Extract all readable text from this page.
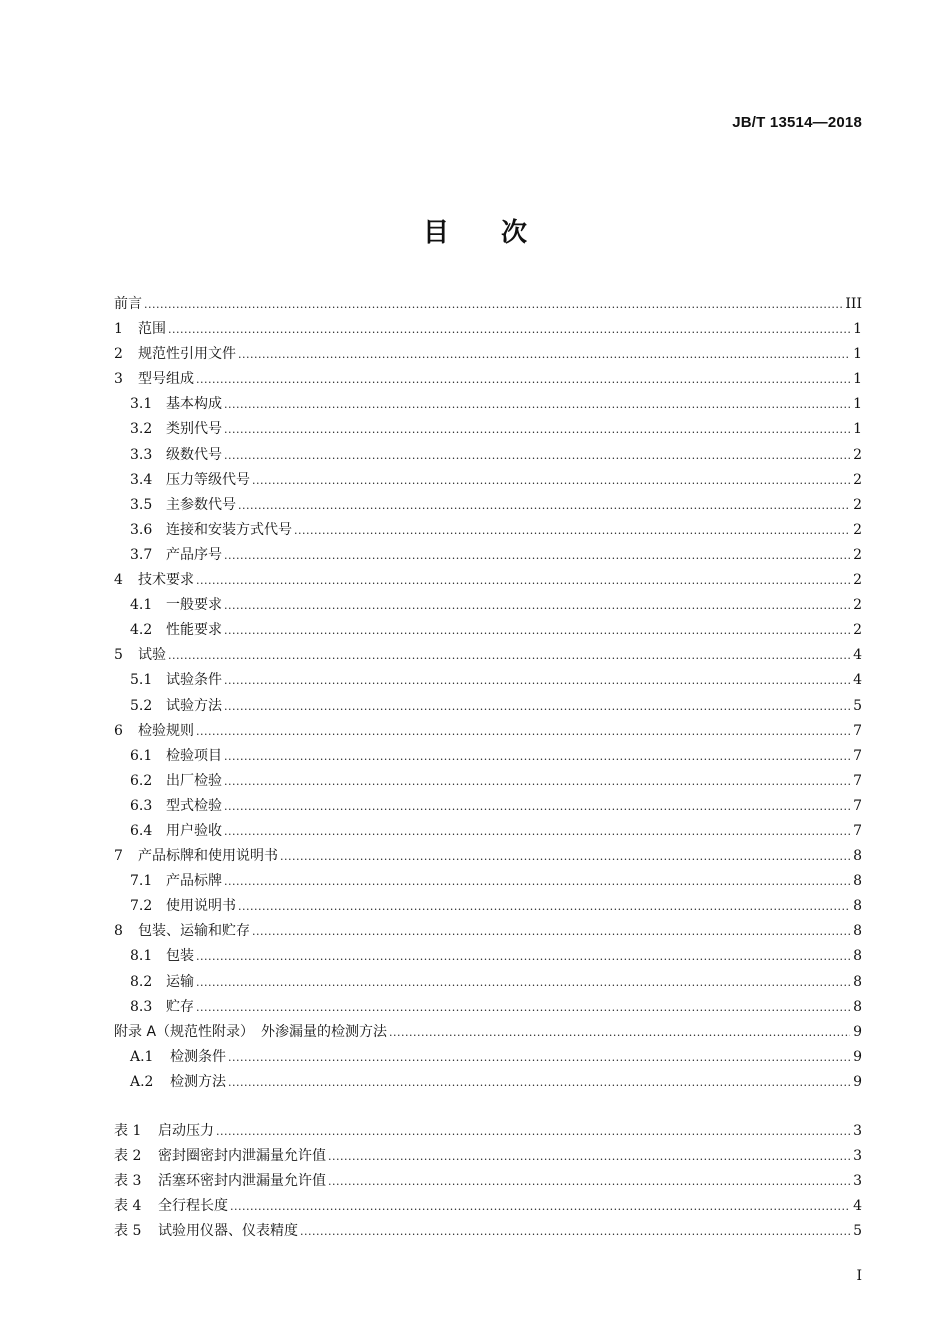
JB/T 13514—2018
目次
前言 .....	III
1	范围 .....	1
2	规范性引用文件 .....	1
3	型号组成 .....	1
3.1 基本构成 .....	1
3.2 类别代号 .....	1
3.3 级数代号 .....	2
3.4 压力等级代号 .....	2
3.5 主参数代号 .....	2
3.6 连接和安装方式代号 .....	2
3.7 产品序号 .....	2
4	技术要求 .....	2
4.1 一般要求 .....	2
4.2 性能要求 .....	2
5	试验 .....	4
5.1 试验条件 .....	4
5.2 试验方法 .....	5
6	检验规则 .....	7
6.1 检验项目 .....	7
6.2 出厂检验 .....	7
6.3 型式检验 .....	7
6.4 用户验收 .....	7
7	产品标牌和使用说明书 .....	8
7.1 产品标牌 .....	8
7.2 使用说明书 .....	8
8	包装、运输和贮存 .....	8
8.1 包装 .....	8
8.2 运输 .....	8
8.3 贮存 .....	8
附录 A（规范性附录）　外渗漏量的检测方法 .....	9
A.1	检测条件 .....	9
A.2	检测方法 .....	9
表 1	启动压力 .....	3
表 2	密封圈密封内泄漏量允许值 .....	3
表 3	活塞环密封内泄漏量允许值 .....	3
表 4	全行程长度 .....	4
表 5	试验用仪器、仪表精度 .....	5
I
